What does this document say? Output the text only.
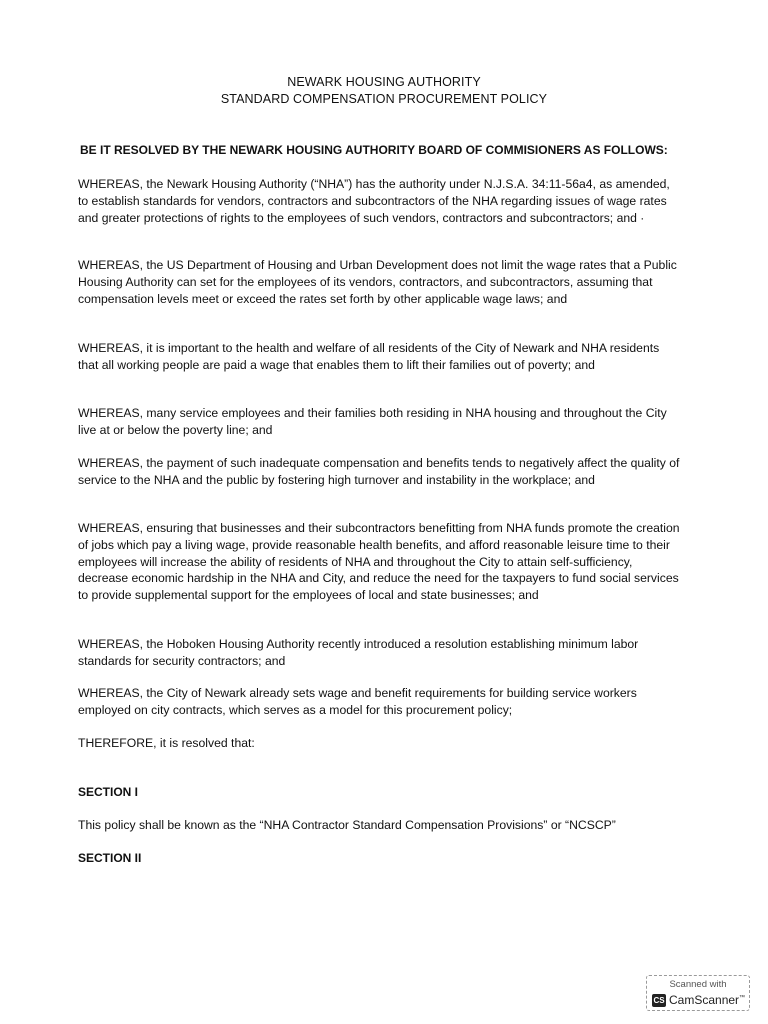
NEWARK HOUSING AUTHORITY
STANDARD COMPENSATION PROCUREMENT POLICY
BE IT RESOLVED BY THE NEWARK HOUSING AUTHORITY BOARD OF COMMISIONERS AS FOLLOWS:

WHEREAS, the Newark Housing Authority (“NHA”) has the authority under N.J.S.A. 34:11-56a4, as amended, to establish standards for vendors, contractors and subcontractors of the NHA regarding issues of wage rates and greater protections of rights to the employees of such vendors, contractors and subcontractors; and ·

WHEREAS, the US Department of Housing and Urban Development does not limit the wage rates that a Public Housing Authority can set for the employees of its vendors, contractors, and subcontractors, assuming that compensation levels meet or exceed the rates set forth by other applicable wage laws; and

WHEREAS, it is important to the health and welfare of all residents of the City of Newark and NHA residents that all working people are paid a wage that enables them to lift their families out of poverty; and

WHEREAS, many service employees and their families both residing in NHA housing and throughout the City live at or below the poverty line; and

WHEREAS, the payment of such inadequate compensation and benefits tends to negatively affect the quality of service to the NHA and the public by fostering high turnover and instability in the workplace; and

WHEREAS, ensuring that businesses and their subcontractors benefitting from NHA funds promote the creation of jobs which pay a living wage, provide reasonable health benefits, and afford reasonable leisure time to their employees will increase the ability of residents of NHA and throughout the City to attain self-sufficiency, decrease economic hardship in the NHA and City, and reduce the need for the taxpayers to fund social services to provide supplemental support for the employees of local and state businesses; and

WHEREAS, the Hoboken Housing Authority recently introduced a resolution establishing minimum labor standards for security contractors; and

WHEREAS, the City of Newark already sets wage and benefit requirements for building service workers employed on city contracts, which serves as a model for this procurement policy;

THEREFORE, it is resolved that:

SECTION I
This policy shall be known as the “NHA Contractor Standard Compensation Provisions” or “NCSCP”
SECTION II
Scanned with
CS CamScanner™
